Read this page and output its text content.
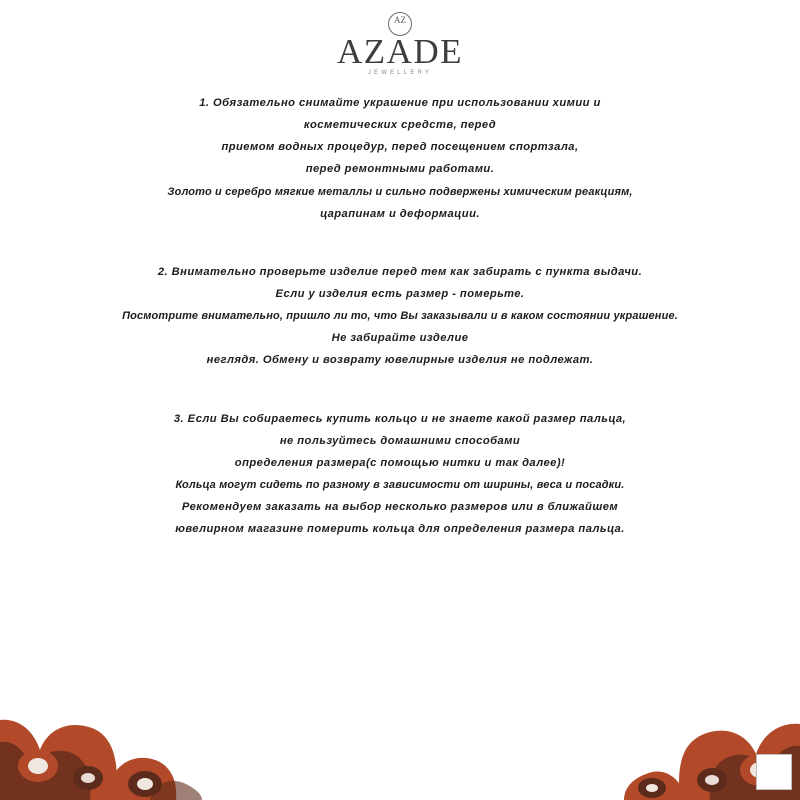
AZ
AZADE
JEWELLERY
1. Обязательно снимайте украшение при использовании химии и
косметических средств, перед
приемом водных процедур, перед посещением спортзала,
перед ремонтными работами.
Золото и серебро мягкие металлы и сильно подвержены химическим реакциям,
царапинам и деформации.
2. Внимательно проверьте изделие перед тем как забирать с пункта выдачи.
Если у изделия есть размер - померьте.
Посмотрите внимательно, пришло ли то, что Вы заказывали и в каком состоянии украшение.
Не забирайте изделие
неглядя. Обмену и возврату ювелирные изделия не подлежат.
3. Если Вы собираетесь купить кольцо и не знаете какой размер пальца,
не пользуйтесь домашними способами
определения размера(с помощью нитки и так далее)!
Кольца могут сидеть по разному в зависимости от ширины, веса и посадки.
Рекомендуем заказать на выбор несколько размеров или в ближайшем
ювелирном магазине померить кольца для определения размера пальца.
